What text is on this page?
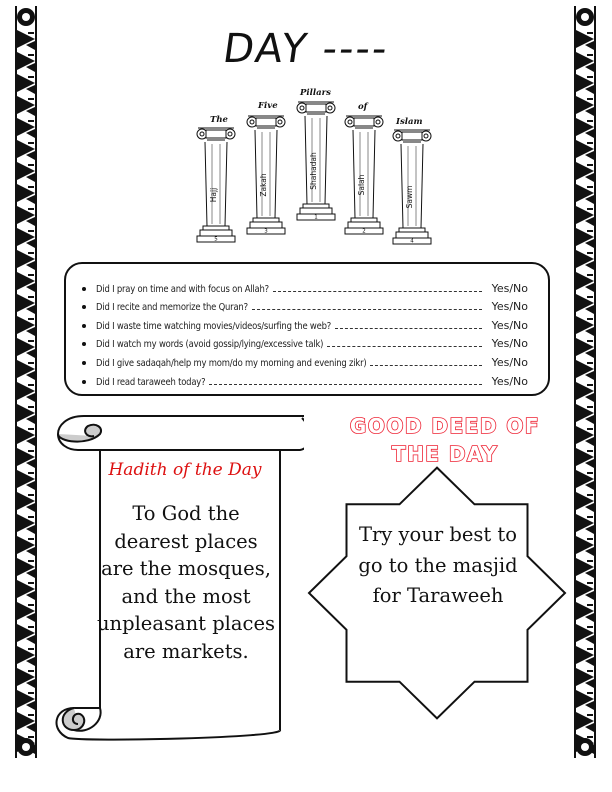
DAY ----
The
Five
Pillars
of
Islam
Hajj
5
Zakah
3
Shahadah
1
Salah
2
Sawm
4
Did I pray on time and with focus on Allah?	Yes/No
Did I recite and memorize the Quran?	Yes/No
Did I waste time watching movies/videos/surfing the web?	Yes/No
Did I watch my words (avoid gossip/lying/excessive talk)	Yes/No
Did I give sadaqah/help my mom/do my morning and evening zikr)	Yes/No
Did I read taraweeh today?	Yes/No
Hadith of the Day
To God the dearest places are the mosques, and the most unpleasant places are markets.
GOOD DEED OF
THE DAY
Try your best to go to the masjid for Taraweeh
